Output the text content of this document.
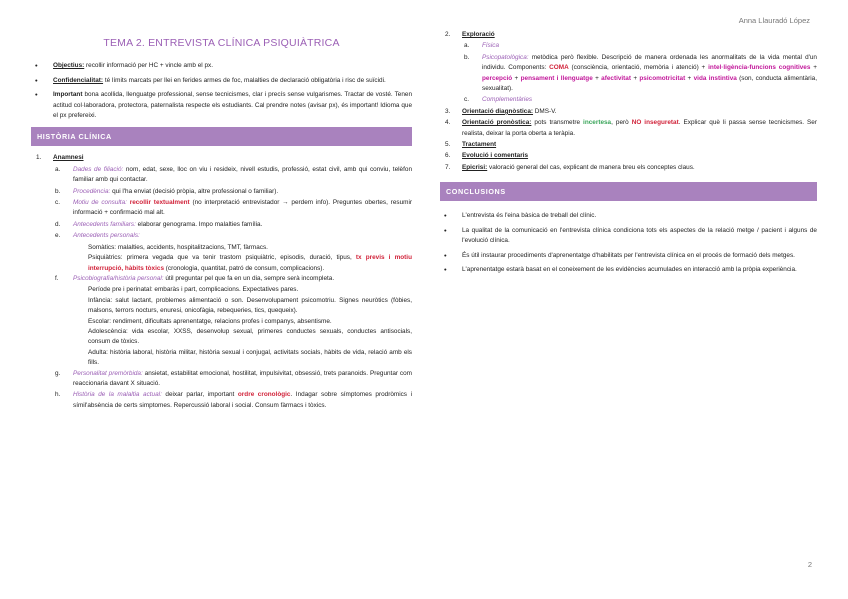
Anna Llauradó López
TEMA 2. ENTREVISTA CLÍNICA PSIQUIÀTRICA
• Objectius: recollir informació per HC + vincle amb el px.
• Confidencialitat: té límits marcats per llei en ferides armes de foc, malalties de declaració obligatòria i risc de suïcidi.
• Important bona acollida, llenguatge professional, sense tecnicismes, clar i precís sense vulgarismes. Tractar de vosté. Tenen actitud col·laboradora, protectora, paternalista respecte els estudiants. Cal prendre notes (avisar px), és important! Idioma que el px prefereixi.
HISTÒRIA CLÍNICA
1. Anamnesi
a. Dades de filiació: nom, edat, sexe, lloc on viu i resideix, nivell estudis, professió, estat civil, amb qui conviu, telèfon familiar amb qui contactar.
b. Procedència: qui l'ha enviat (decisió pròpia, altre professional o familiar).
c. Motiu de consulta: recollir textualment (no interpretació entrevistador → perdem info). Preguntes obertes, resumir informació + confirmació mal alt.
d. Antecedents familiars: elaborar genograma. Impo malalties família.
e. Antecedents personals:
Somàtics: malalties, accidents, hospitalitzacions, TMT, fàrmacs.
Psiquiàtrics: primera vegada que va tenir trastorn psiquiàtric, episodis, duració, tipus, tx previs i motiu interrupció, hàbits tòxics (cronologia, quantitat, patró de consum, complicacions).
f. Psicobiografia/història personal: útil preguntar pel que fa en un dia, sempre serà incompleta.
Període pre i perinatal: embaràs i part, complicacions. Expectatives pares.
Infància: salut lactant, problemes alimentació o son. Desenvolupament psicomotriu. Signes neuròtics (fòbies, malsons, terrors nocturs, enuresi, onicofàgia, rebequeries, tics, quequeix).
Escolar: rendiment, dificultats aprenentatge, relacions profes i companys, absentisme.
Adolescència: vida escolar, XXSS, desenvolup sexual, primeres conductes sexuals, conductes antisocials, consum de tòxics.
Adulta: història laboral, història militar, història sexual i conjugal, activitats socials, hàbits de vida, relació amb els fills.
g. Personalitat premòrbida: ansietat, estabilitat emocional, hostilitat, impulsivitat, obsessió, trets paranoids. Preguntar com reaccionaria davant X situació.
h. Història de la malaltia actual: deixar parlar, important ordre cronològic. Indagar sobre símptomes prodròmics i símil'absència de certs simptomes. Repercussió laboral i social. Consum fàrmacs i tòxics.
2. Exploració
a. Física
b. Psicopatològica: metòdica però flexible. Descripció de manera ordenada les anormalitats de la vida mental d'un individu. Components: COMA (consciència, orientació, memòria i atenció) + intel·ligència-funcions cognitives + percepció + pensament i llenguatge + afectivitat + psicomotricitat + vida instintiva (son, conducta alimentària, sexualitat).
c. Complementàries
3. Orientació diagnòstica: DMS-V.
4. Orientació pronòstica: pots transmetre incertesa, però NO inseguretat. Explicar què li passa sense tecnicismes. Ser realista, deixar la porta oberta a teràpia.
5. Tractament
6. Evolució i comentaris
7. Epicrisi: valoració general del cas, explicant de manera breu els conceptes claus.
CONCLUSIONS
• L'entrevista és l'eina bàsica de treball del clínic.
• La qualitat de la comunicació en l'entrevista clínica condiciona tots els aspectes de la relació metge / pacient i alguns de l'evolució clínica.
• És útil instaurar procediments d'aprenentatge d'habilitats per l'entrevista clínica en el procés de formació dels metges.
• L'aprenentatge estarà basat en el coneixement de les evidències acumulades en interacció amb la pròpia experiència.
2
